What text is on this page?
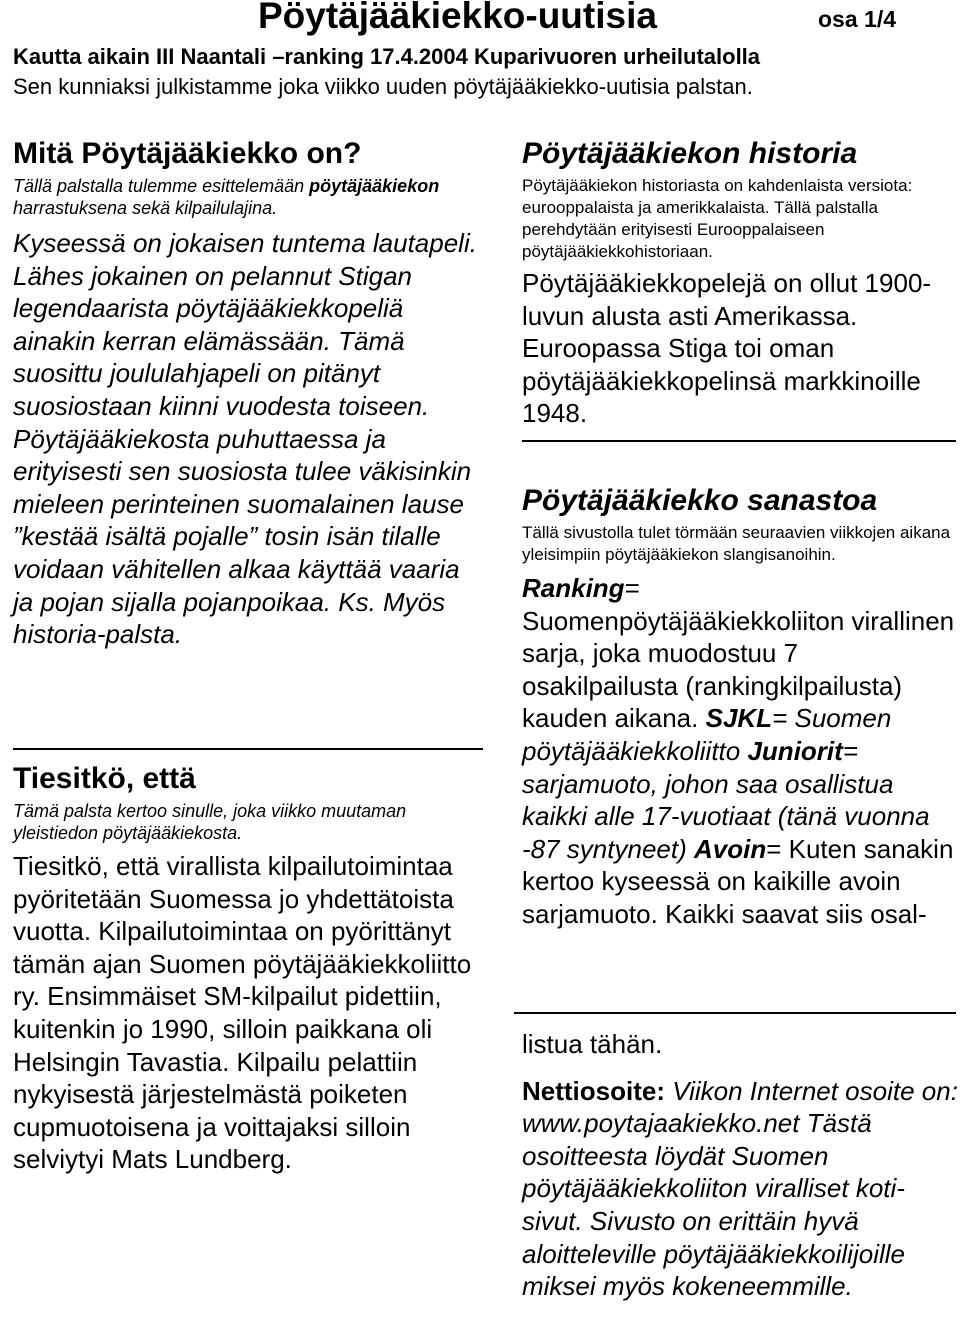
Pöytäjääkiekko-uutisia	osa 1/4
Kautta aikain III Naantali –ranking 17.4.2004 Kuparivuoren urheilutalolla
Sen kunniaksi julkistamme joka viikko uuden pöytäjääkiekko-uutisia palstan.
Mitä Pöytäjääkiekko on?

Tällä palstalla tulemme esittelemään pöytäjääkiekon harrastuksena sekä kilpailulajina.

Kyseessä on jokaisen tuntema lautapeli. Lähes jokainen on pelannut Stigan legendaarista pöytäjääkiekkopeliä ainakin kerran elämässään. Tämä suosittu joululahjapeli on pitänyt suosiostaan kiinni vuodesta toiseen. Pöytäjääkiekosta puhuttaessa ja erityisesti sen suosiosta tulee väkisinkin mieleen perinteinen suomalainen lause ”kestää isältä pojalle” tosin isän tilalle voidaan vähitellen alkaa käyttää vaaria ja pojan sijalla pojanpoikaa. Ks. Myös historia-palsta.

Tiesitkö, että

Tämä palsta kertoo sinulle, joka viikko muutaman yleistiedon pöytäjääkiekosta.

Tiesitkö, että virallista kilpailutoimintaa pyöritetään Suomessa jo yhdettätoista vuotta. Kilpailutoimintaa on pyörittänyt tämän ajan Suomen pöytäjääkiekkoliitto ry. Ensimmäiset SM-kilpailut pidettiin, kuitenkin jo 1990, silloin paikkana oli Helsingin Tavastia. Kilpailu pelattiin nykyisestä järjestelmästä poiketen cupmuotoisena ja voittajaksi silloin selviytyi Mats Lundberg.

Pöytäjääkiekon historia

Pöytäjääkiekon historiasta on kahdenlaista versiota: eurooppalaista ja amerikkalaista. Tällä palstalla perehdytään erityisesti Eurooppalaiseen pöytäjääkiekkohistoriaan.

Pöytäjääkiekkopelejä on ollut 1900-luvun alusta asti Amerikassa. Euroopassa Stiga toi oman pöytäjääkiekkopelinsä markkinoille 1948.

Pöytäjääkiekko sanastoa

Tällä sivustolla tulet törmään seuraavien viikkojen aikana yleisimpiin pöytäjääkiekon slangisanoihin.

Ranking= Suomenpöytäjääkiekkoliiton virallinen sarja, joka muodostuu 7 osakilpailusta (rankingkilpailusta) kauden aikana. SJKL= Suomen pöytäjääkiekkoliitto Juniorit= sarjamuoto, johon saa osallistua kaikki alle 17-vuotiaat (tänä vuonna -87 syntyneet) Avoin= Kuten sanakin kertoo kyseessä on kaikille avoin sarjamuoto. Kaikki saavat siis osal-

listua tähän.

Nettiosoite: Viikon Internet osoite on: www.poytajaakiekko.net Tästä osoitteesta löydät Suomen pöytäjääkiekkoliiton viralliset koti-sivut. Sivusto on erittäin hyvä aloitteleville pöytäjääkiekkoilijoille miksei myös kokeneemmille.
